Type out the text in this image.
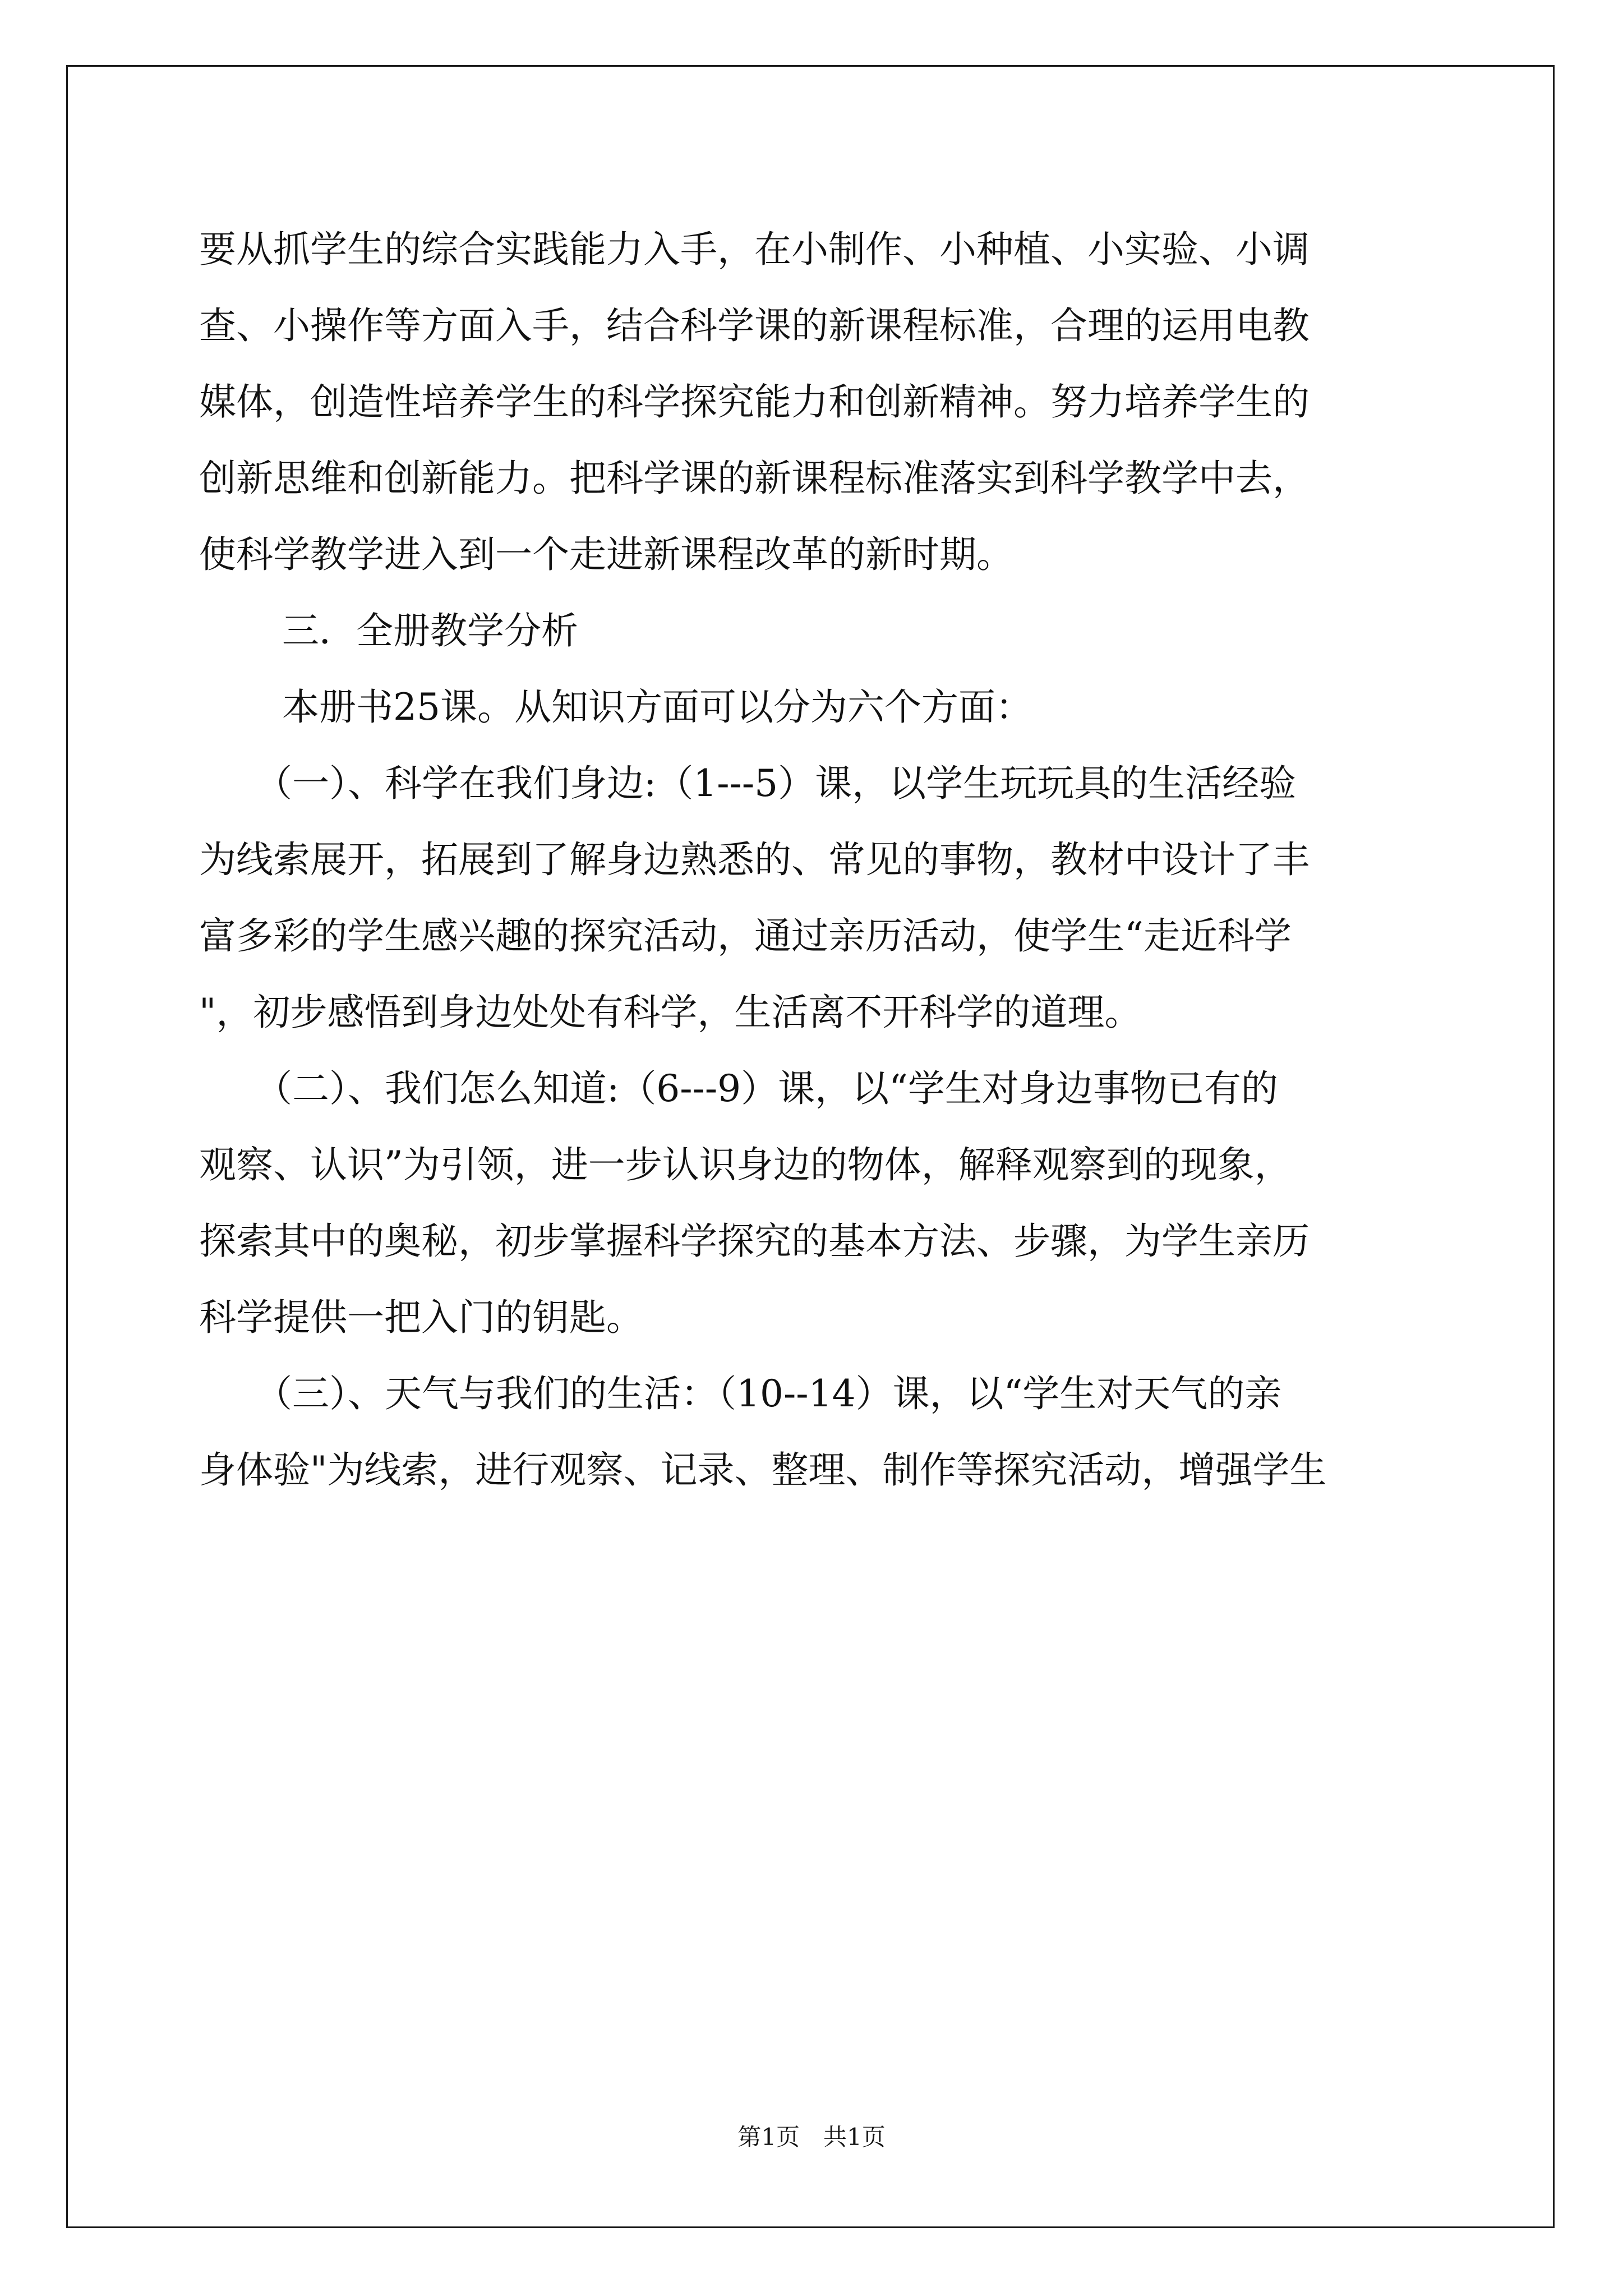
要从抓学生的综合实践能力入手，在小制作、小种植、小实验、小调
查、小操作等方面入手，结合科学课的新课程标准，合理的运用电教
媒体，创造性培养学生的科学探究能力和创新精神。努力培养学生的
创新思维和创新能力。把科学课的新课程标准落实到科学教学中去，
使科学教学进入到一个走进新课程改革的新时期。
三．全册教学分析
本册书25课。从知识方面可以分为六个方面：
（一）、科学在我们身边:（1---5）课，以学生玩玩具的生活经验
为线索展开，拓展到了解身边熟悉的、常见的事物，教材中设计了丰
富多彩的学生感兴趣的探究活动，通过亲历活动，使学生“走近科学
"，初步感悟到身边处处有科学，生活离不开科学的道理。
（二）、我们怎么知道:（6---9）课，以“学生对身边事物已有的
观察、认识”为引领，进一步认识身边的物体，解释观察到的现象，
探索其中的奥秘，初步掌握科学探究的基本方法、步骤，为学生亲历
科学提供一把入门的钥匙。
（三）、天气与我们的生活：（10--14）课，以“学生对天气的亲
身体验"为线索，进行观察、记录、整理、制作等探究活动，增强学生
第1页　共1页
